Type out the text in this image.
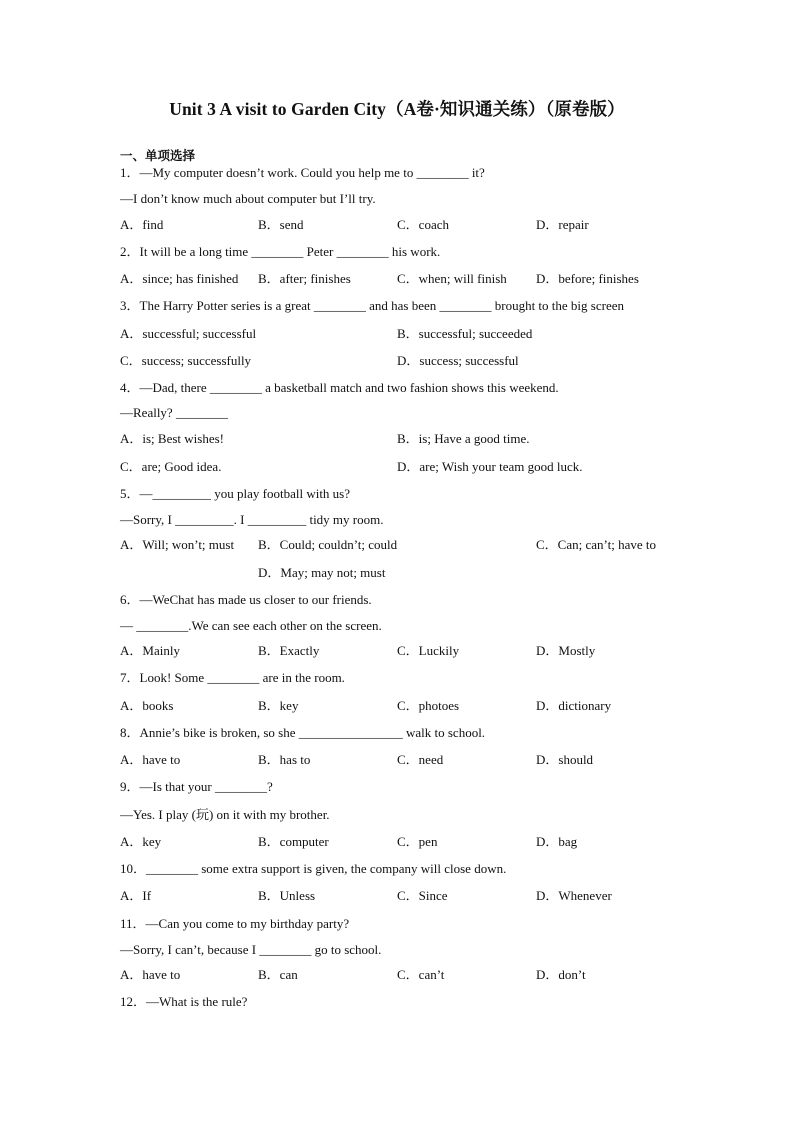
Unit 3 A visit to Garden City（A卷·知识通关练）（原卷版）
一、单项选择
1．—My computer doesn’t work. Could you help me to ________ it?
—I don’t know much about computer but I’ll try.
A．find	B．send	C．coach	D．repair
2．It will be a long time ________ Peter ________ his work.
A．since; has finished B．after; finishes	C．when; will finish D．before; finishes
3．The Harry Potter series is a great ________ and has been ________ brought to the big screen
A．successful; successful	B．successful; succeeded
C．success; successfully	D．success; successful
4．—Dad, there ________ a basketball match and two fashion shows this weekend.
—Really? ________
A．is; Best wishes!	B．is; Have a good time.
C．are; Good idea.	D．are; Wish your team good luck.
5．—_________ you play football with us?
—Sorry, I _________. I _________ tidy my room.
A．Will; won’t; must B．Could; couldn’t; could	C．Can; can’t; have to
D．May; may not; must
6．—WeChat has made us closer to our friends.
— ________.We can see each other on the screen.
A．Mainly	B．Exactly	C．Luckily	D．Mostly
7．Look! Some ________ are in the room.
A．books	B．key	C．photoes	D．dictionary
8．Annie’s bike is broken, so she ________________ walk to school.
A．have to	B．has to	C．need	D．should
9．—Is that your ________?
—Yes. I play (玩) on it with my brother.
A．key	B．computer	C．pen	D．bag
10．________ some extra support is given, the company will close down.
A．If	B．Unless	C．Since	D．Whenever
11．—Can you come to my birthday party?
—Sorry, I can’t, because I ________ go to school.
A．have to	B．can	C．can’t	D．don’t
12．—What is the rule?
